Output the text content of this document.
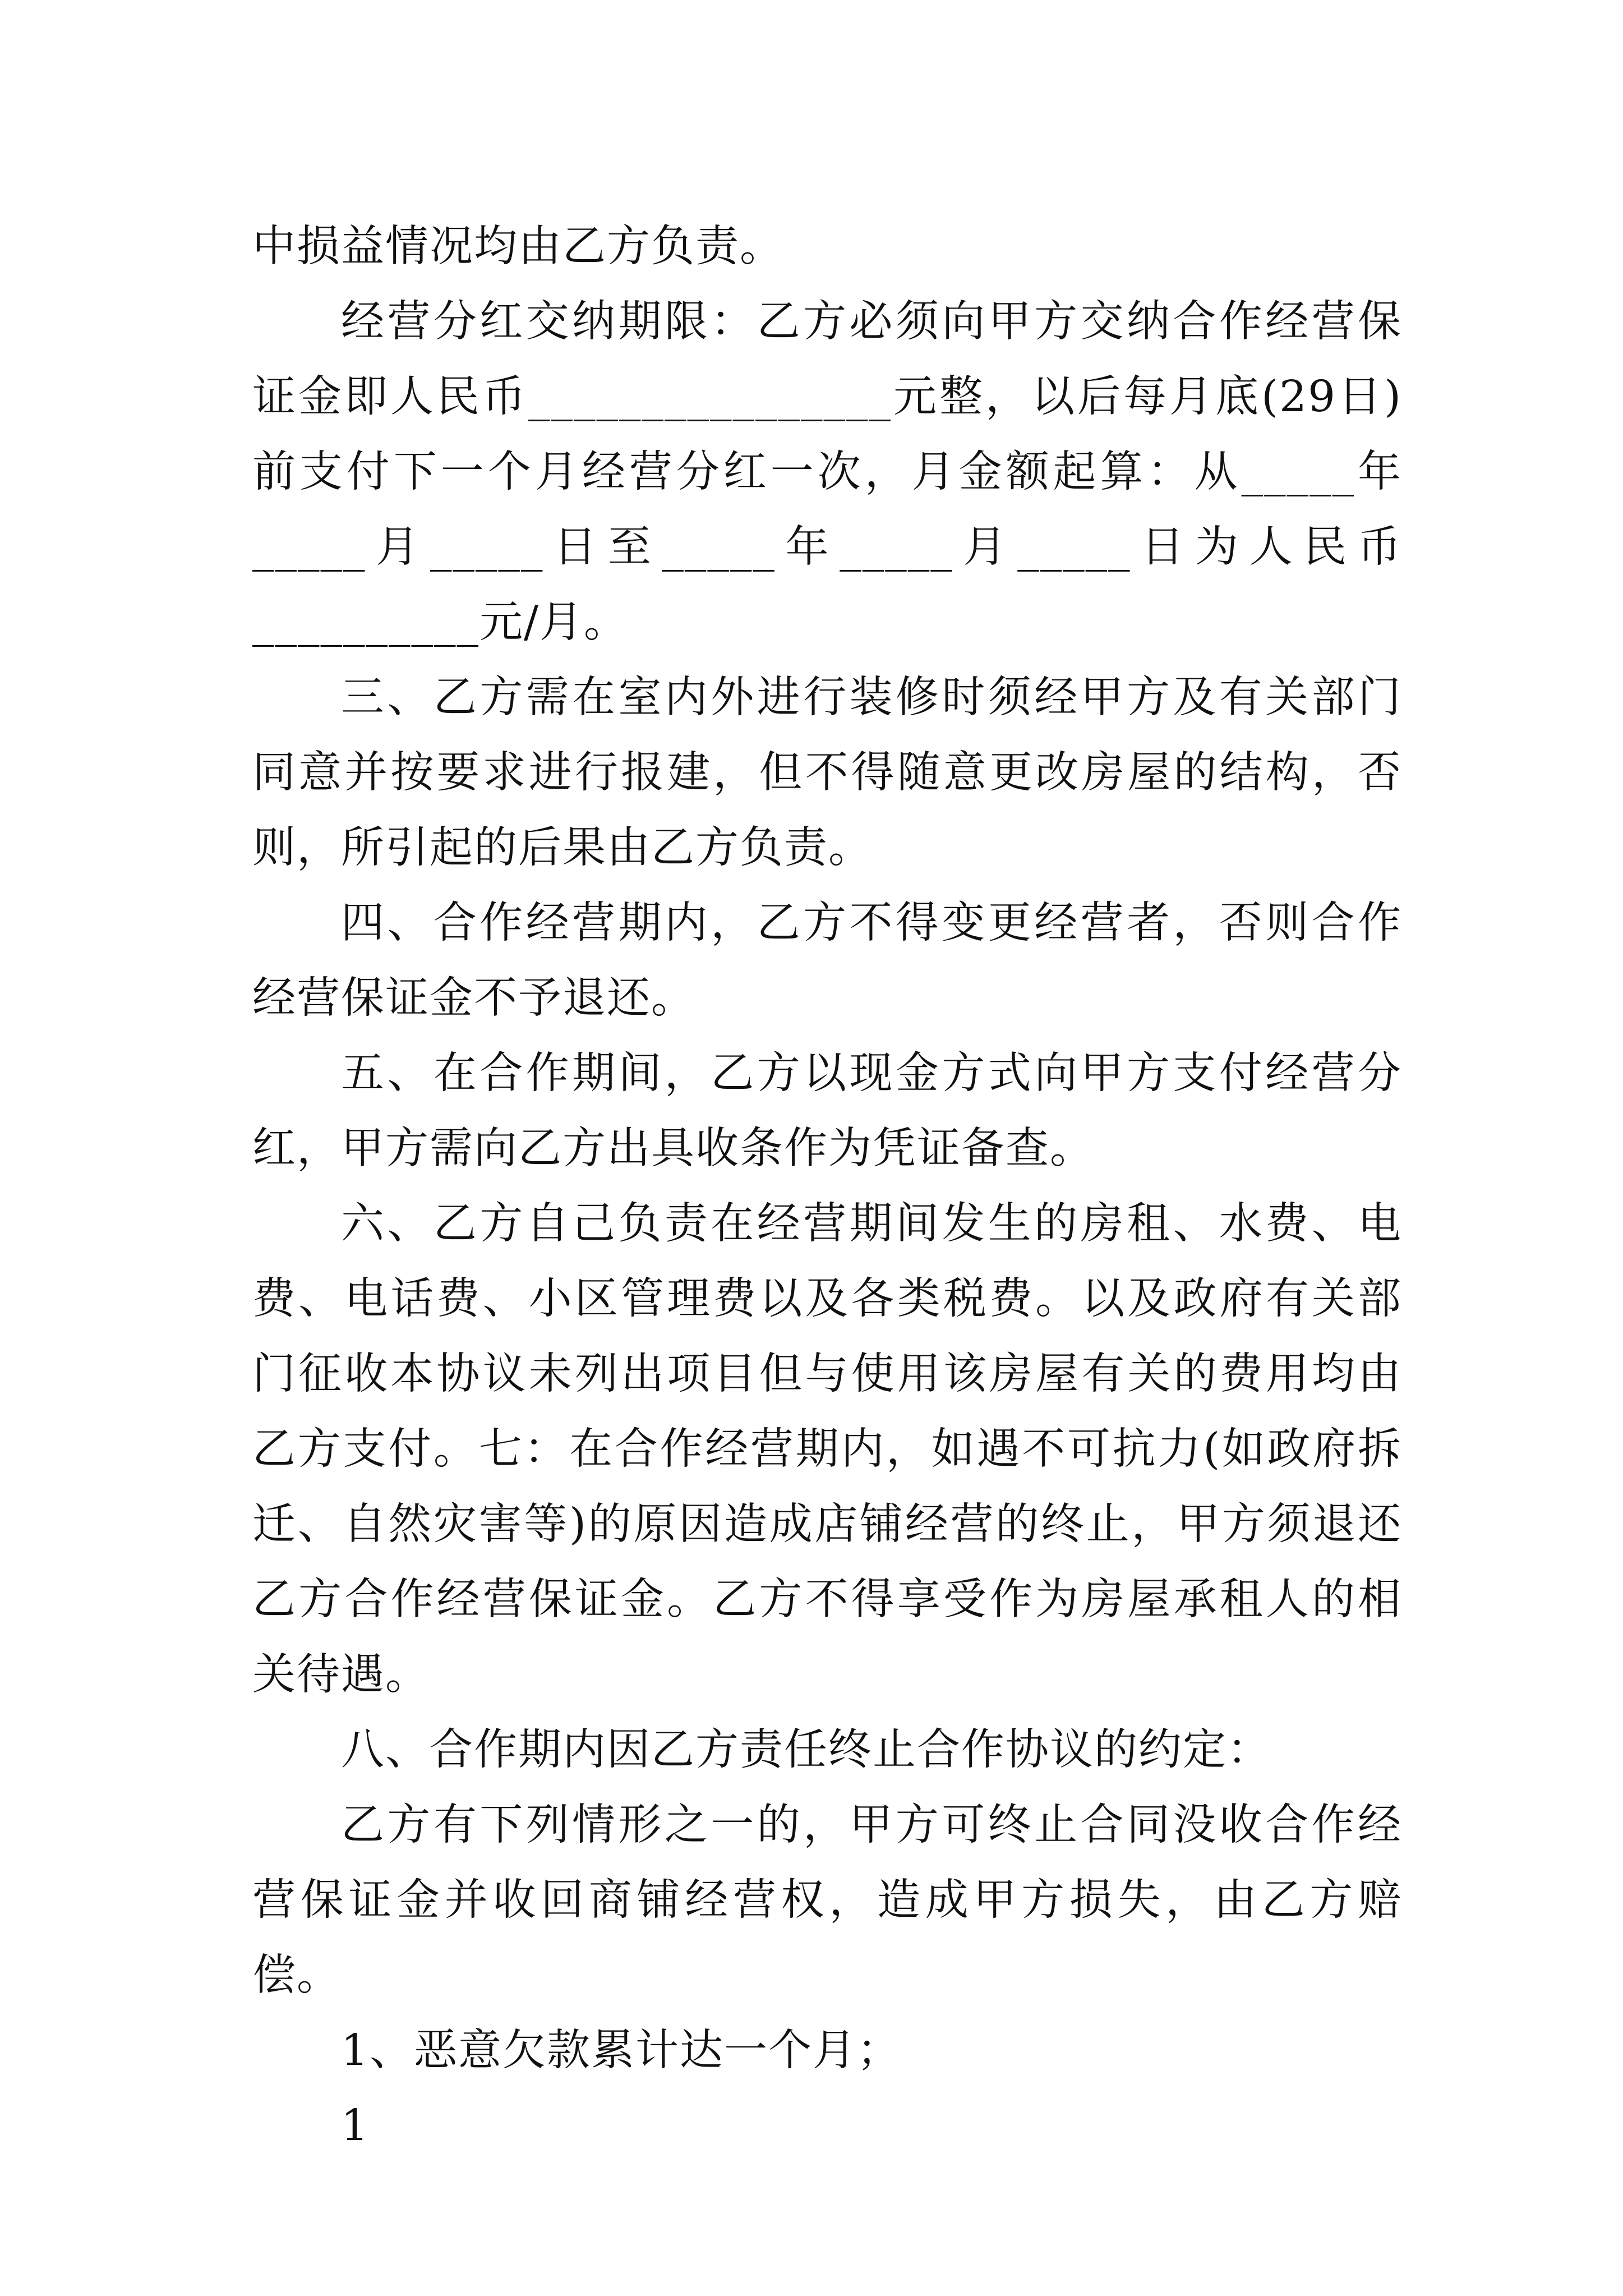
中损益情况均由乙方负责。

经营分红交纳期限：乙方必须向甲方交纳合作经营保证金即人民币________________元整，以后每月底(29日)前支付下一个月经营分红一次，月金额起算：从_____年_____月_____日至_____年_____月_____日为人民币__________元/月。

三、乙方需在室内外进行装修时须经甲方及有关部门同意并按要求进行报建，但不得随意更改房屋的结构，否则，所引起的后果由乙方负责。

四、合作经营期内，乙方不得变更经营者，否则合作经营保证金不予退还。

五、在合作期间，乙方以现金方式向甲方支付经营分红，甲方需向乙方出具收条作为凭证备查。

六、乙方自己负责在经营期间发生的房租、水费、电费、电话费、小区管理费以及各类税费。以及政府有关部门征收本协议未列出项目但与使用该房屋有关的费用均由乙方支付。七：在合作经营期内，如遇不可抗力(如政府拆迁、自然灾害等)的原因造成店铺经营的终止，甲方须退还乙方合作经营保证金。乙方不得享受作为房屋承租人的相关待遇。

八、合作期内因乙方责任终止合作协议的约定：

乙方有下列情形之一的，甲方可终止合同没收合作经营保证金并收回商铺经营权，造成甲方损失，由乙方赔偿。

1、恶意欠款累计达一个月；

1
